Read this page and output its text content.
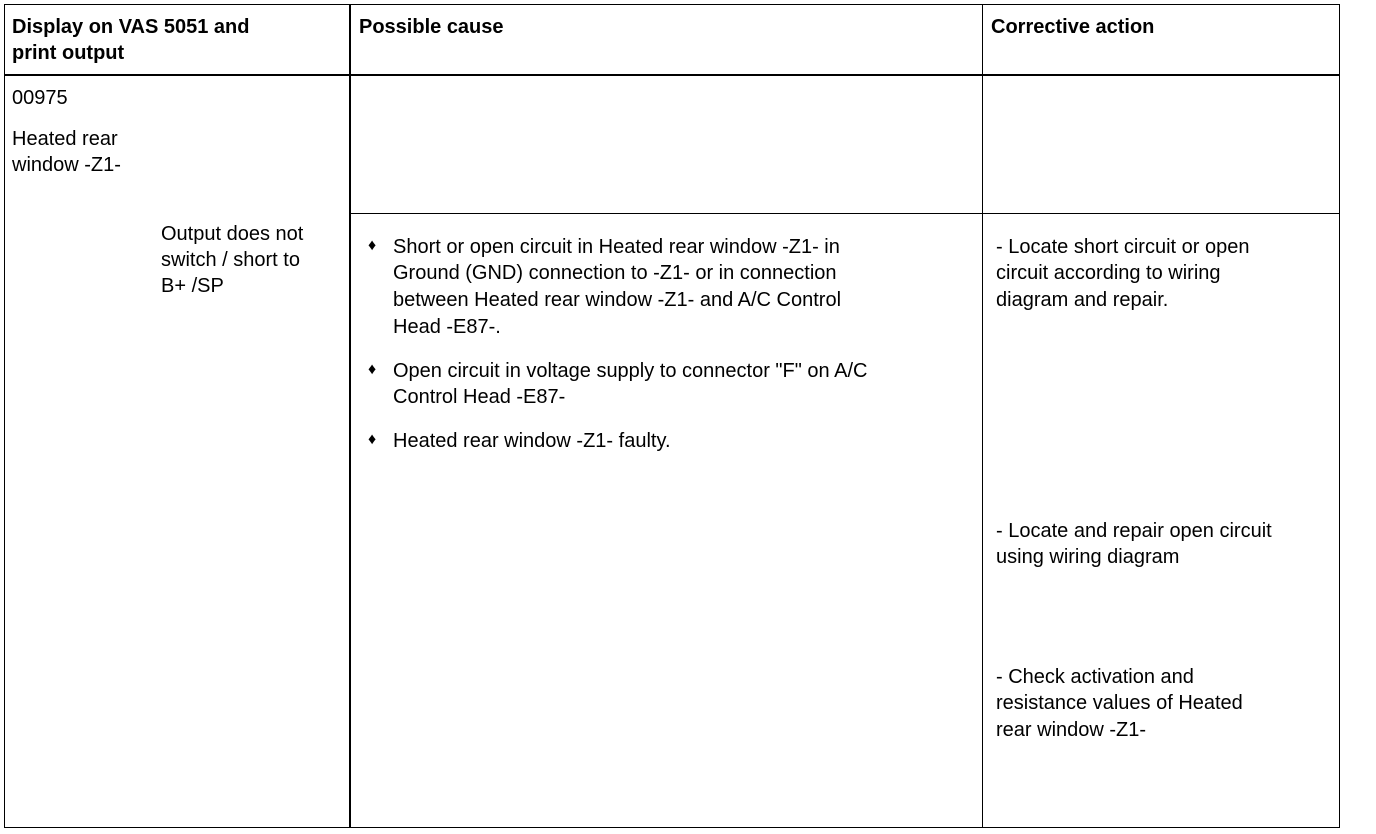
Display on VAS 5051 and
print output
Possible cause	Corrective action
00975
Heated rear
window -Z1-
Output does not
switch / short to
B+ /SP
♦ Short or open circuit in Heated rear window -Z1- in
Ground (GND) connection to -Z1- or in connection
between Heated rear window -Z1- and A/C Control
Head -E87-.
♦ Open circuit in voltage supply to connector "F" on A/C
Control Head -E87-
♦ Heated rear window -Z1- faulty.
- Locate short circuit or open
circuit according to wiring
diagram and repair.
- Locate and repair open circuit
using wiring diagram
- Check activation and
resistance values of Heated
rear window -Z1-
